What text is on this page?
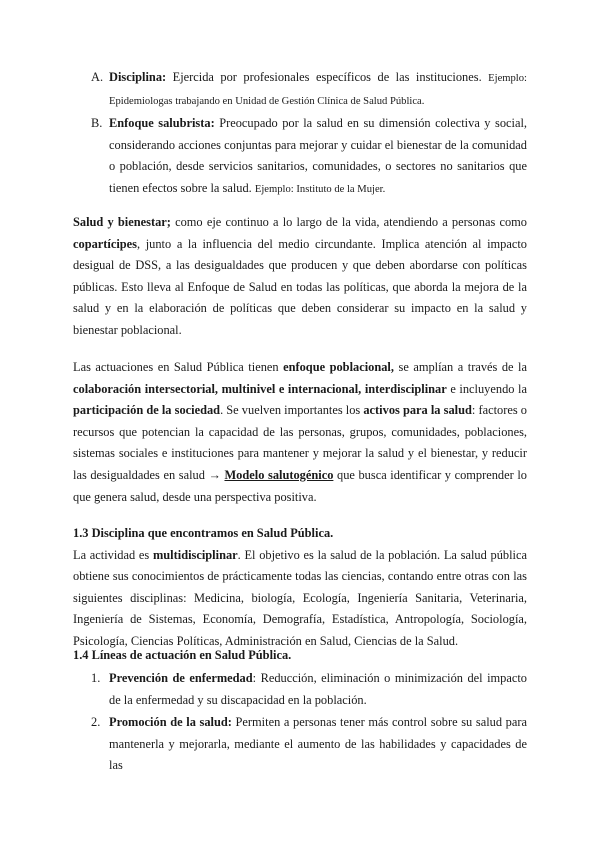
A. Disciplina: Ejercida por profesionales específicos de las instituciones. Ejemplo: Epidemiologas trabajando en Unidad de Gestión Clínica de Salud Pública.
B. Enfoque salubrista: Preocupado por la salud en su dimensión colectiva y social, considerando acciones conjuntas para mejorar y cuidar el bienestar de la comunidad o población, desde servicios sanitarios, comunidades, o sectores no sanitarios que tienen efectos sobre la salud. Ejemplo: Instituto de la Mujer.

Salud y bienestar; como eje continuo a lo largo de la vida, atendiendo a personas como copartícipes, junto a la influencia del medio circundante. Implica atención al impacto desigual de DSS, a las desigualdades que producen y que deben abordarse con políticas públicas. Esto lleva al Enfoque de Salud en todas las políticas, que aborda la mejora de la salud y en la elaboración de políticas que deben considerar su impacto en la salud y bienestar poblacional.

Las actuaciones en Salud Pública tienen enfoque poblacional, se amplían a través de la colaboración intersectorial, multinivel e internacional, interdisciplinar e incluyendo la participación de la sociedad. Se vuelven importantes los activos para la salud: factores o recursos que potencian la capacidad de las personas, grupos, comunidades, poblaciones, sistemas sociales e instituciones para mantener y mejorar la salud y el bienestar, y reducir las desigualdades en salud → Modelo salutogénico que busca identificar y comprender lo que genera salud, desde una perspectiva positiva.

1.3 Disciplina que encontramos en Salud Pública.

La actividad es multidisciplinar. El objetivo es la salud de la población. La salud pública obtiene sus conocimientos de prácticamente todas las ciencias, contando entre otras con las siguientes disciplinas: Medicina, biología, Ecología, Ingeniería Sanitaria, Veterinaria, Ingeniería de Sistemas, Economía, Demografía, Estadística, Antropología, Sociología, Psicología, Ciencias Políticas, Administración en Salud, Ciencias de la Salud.

1.4 Líneas de actuación en Salud Pública.
1. Prevención de enfermedad: Reducción, eliminación o minimización del impacto de la enfermedad y su discapacidad en la población.
2. Promoción de la salud: Permiten a personas tener más control sobre su salud para mantenerla y mejorarla, mediante el aumento de las habilidades y capacidades de las
